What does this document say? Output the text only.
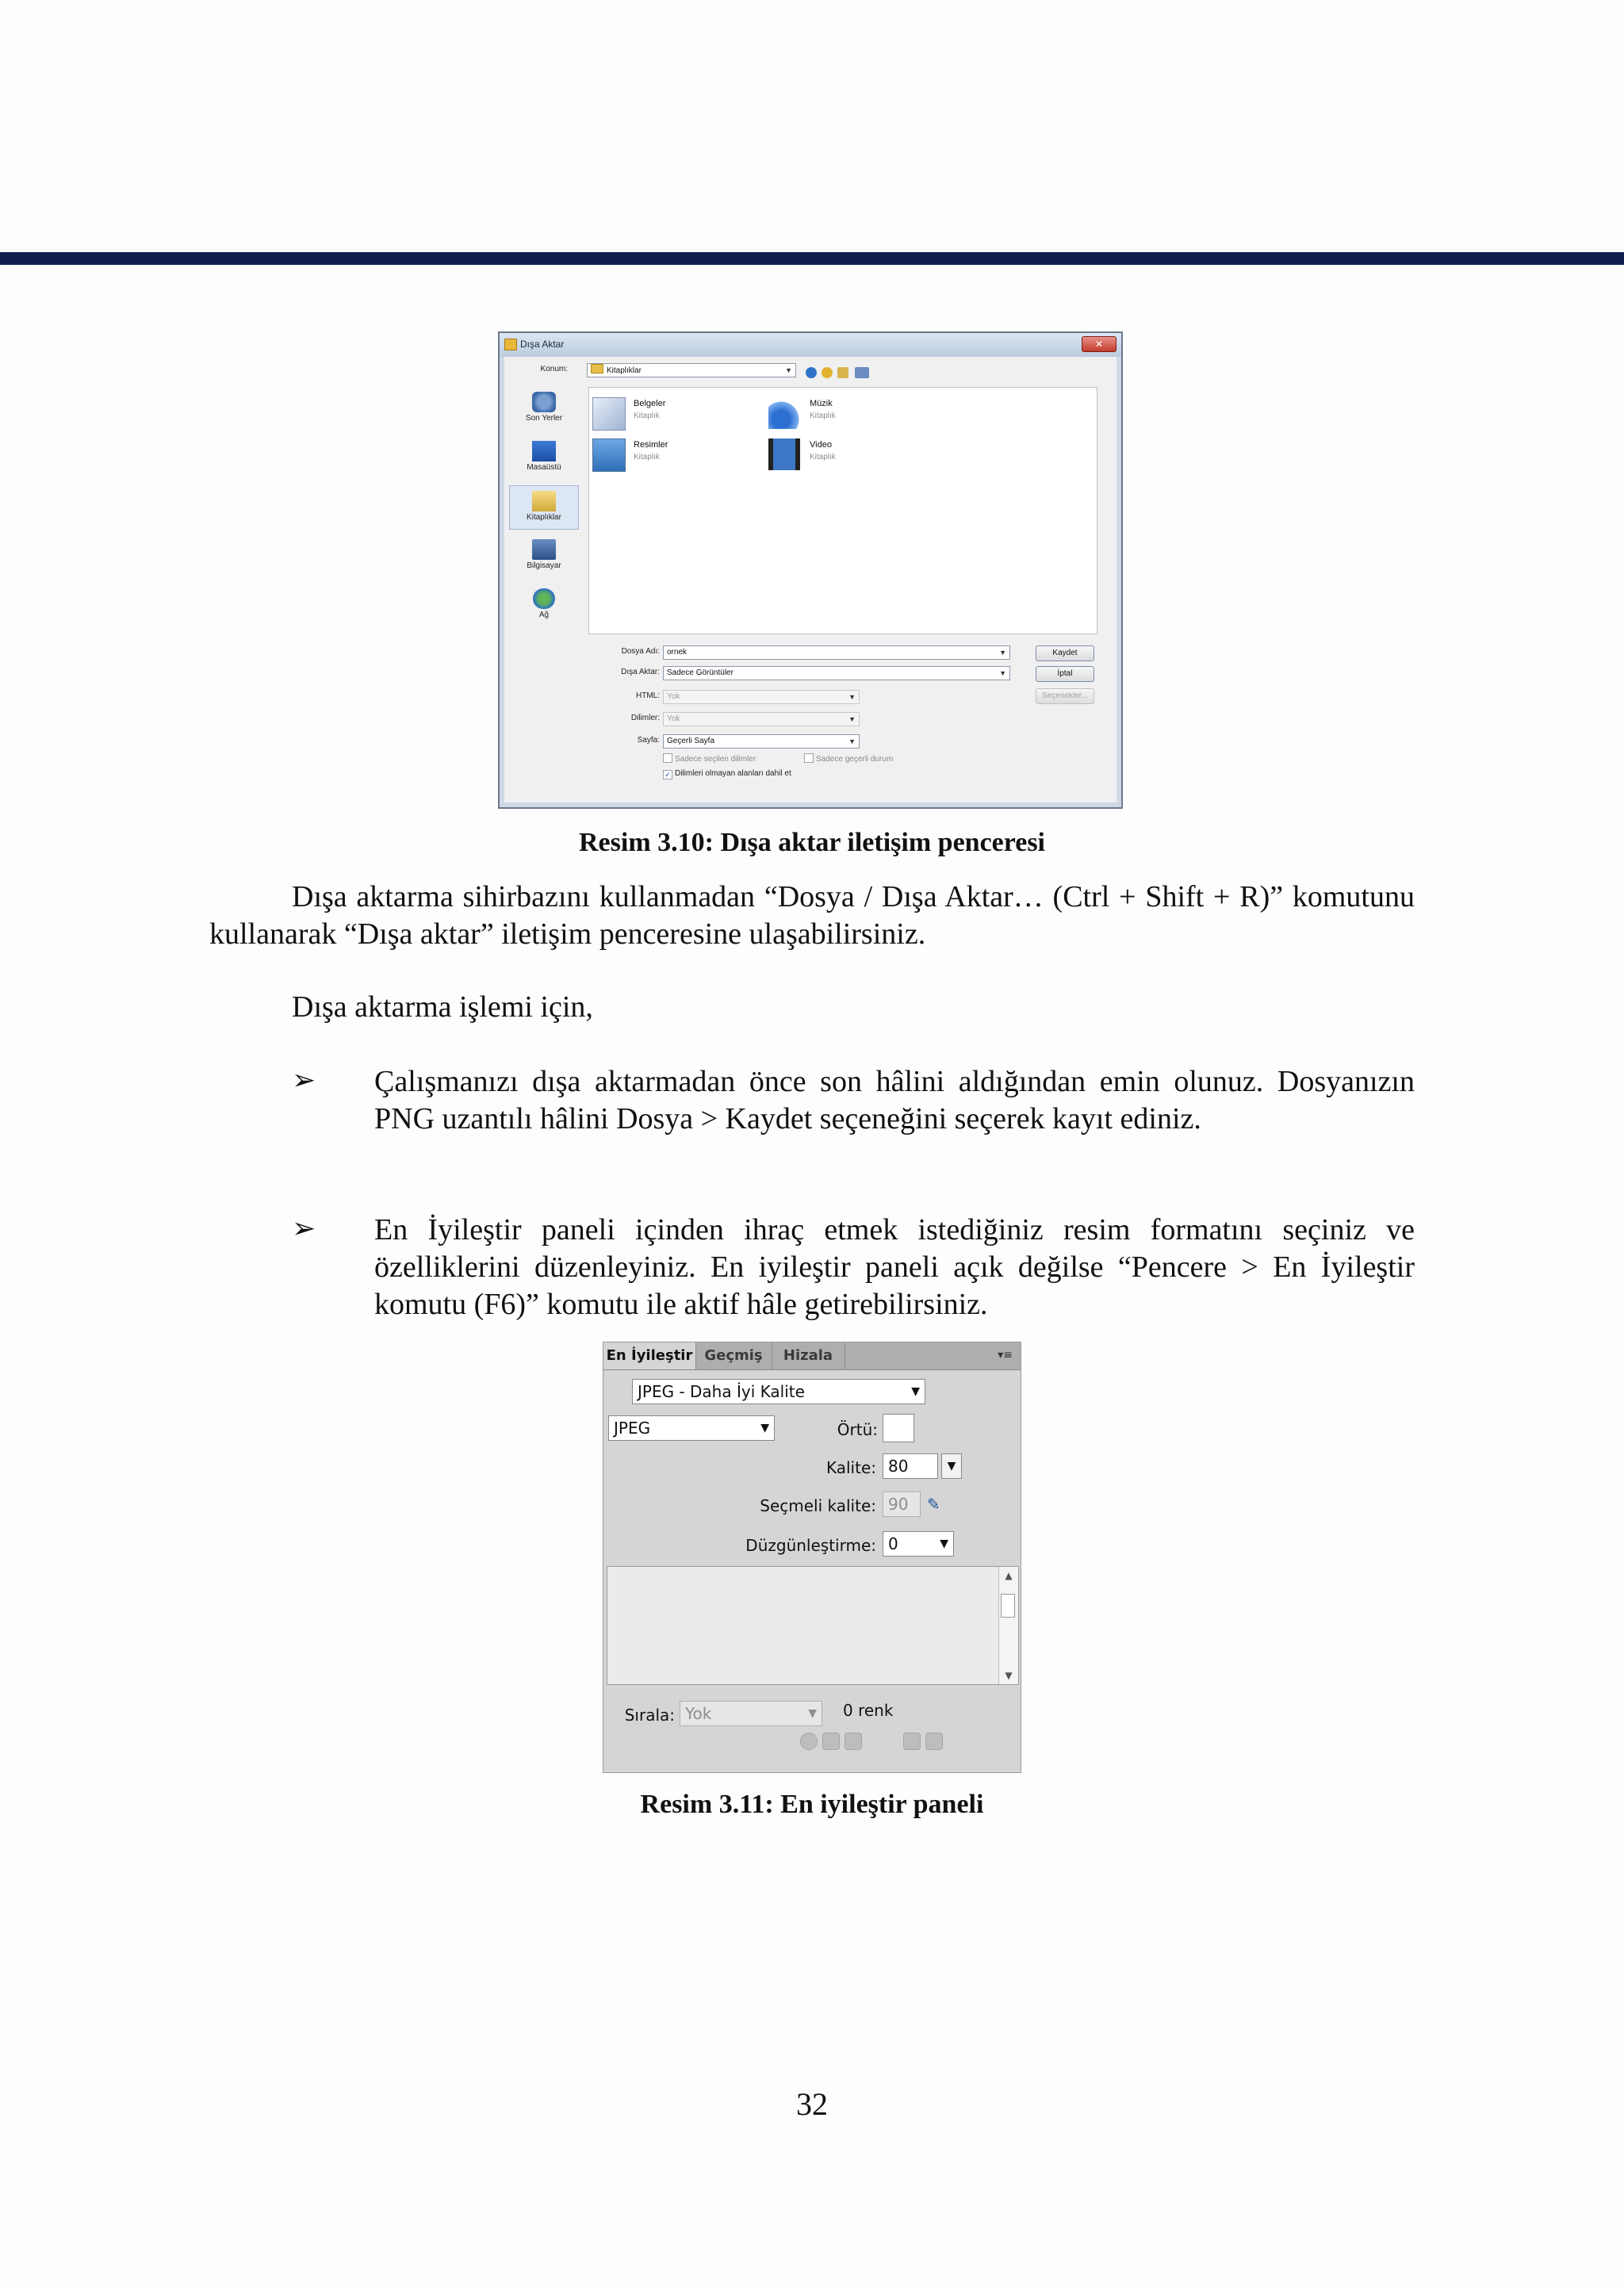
Dışa Aktar	✕
Konum:	Kitaplıklar	▼
Son Yerler
Masaüstü
Kitaplıklar
Bilgisayar
Ağ
Belgeler
Kitaplık
Müzik
Kitaplık
Resimler
Kitaplık
Video
Kitaplık
Dosya Adı: ornek	▼
Dışa Aktar: Sadece Görüntüler	▼
Kaydet
İptal
Seçenekler...
HTML: Yok	▼
Dilimler: Yok	▼
Sayfa: Geçerli Sayfa	▼
Sadece seçilen dilimler	Sadece geçerli durum
✓ Dilimleri olmayan alanları dahil et
Resim 3.10: Dışa aktar iletişim penceresi
Dışa aktarma sihirbazını kullanmadan “Dosya / Dışa Aktar… (Ctrl + Shift + R)” komutunu kullanarak “Dışa aktar” iletişim penceresine ulaşabilirsiniz.
Dışa aktarma işlemi için,
➢ Çalışmanızı dışa aktarmadan önce son hâlini aldığından emin olunuz. Dosyanızın PNG uzantılı hâlini Dosya > Kaydet seçeneğini seçerek kayıt ediniz.
➢ En İyileştir paneli içinden ihraç etmek istediğiniz resim formatını seçiniz ve özelliklerini düzenleyiniz. En iyileştir paneli açık değilse “Pencere > En İyileştir komutu (F6)” komutu ile aktif hâle getirebilirsiniz.
En İyileştir Geçmiş	Hizala	▾≡
JPEG - Daha İyi Kalite	▼
JPEG	▼	Örtü:
Kalite: 80	▼
Seçmeli kalite: 90	✎
Düzgünleştirme: 0	▼
▲
▼
Sırala: Yok	▼ 0 renk
Resim 3.11: En iyileştir paneli
32
